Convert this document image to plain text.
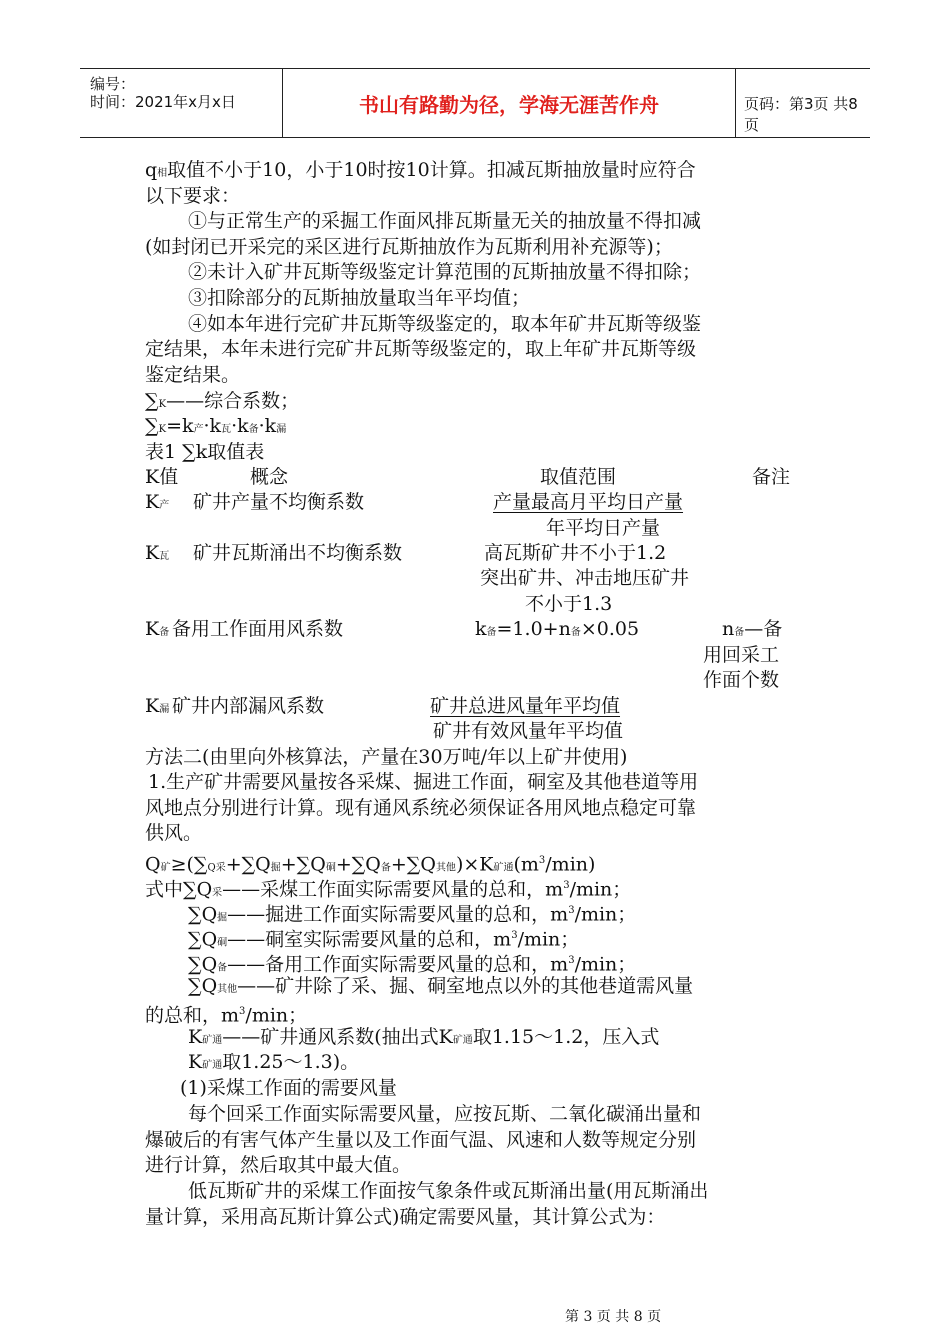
编号：
时间：2021年x月x日	书山有路勤为径，学海无涯苦作舟	页码：第3页 共8页
q相取值不小于10，小于10时按10计算。扣减瓦斯抽放量时应符合
以下要求：
①与正常生产的采掘工作面风排瓦斯量无关的抽放量不得扣减
(如封闭已开采完的采区进行瓦斯抽放作为瓦斯利用补充源等)；
②未计入矿井瓦斯等级鉴定计算范围的瓦斯抽放量不得扣除；
③扣除部分的瓦斯抽放量取当年平均值；
④如本年进行完矿井瓦斯等级鉴定的，取本年矿井瓦斯等级鉴
定结果，本年未进行完矿井瓦斯等级鉴定的，取上年矿井瓦斯等级
鉴定结果。
∑K——综合系数；
∑K=k产·k瓦·k备·k漏
表1 ∑k取值表
K值	概念	取值范围	备注
K产 矿井产量不均衡系数	产量最高月平均日产量
年平均日产量
K瓦 矿井瓦斯涌出不均衡系数	高瓦斯矿井不小于1.2
突出矿井、冲击地压矿井
不小于1.3
K备 备用工作面用风系数	k备=1.0+n备×0.05	n备—备
用回采工
作面个数
K漏 矿井内部漏风系数	矿井总进风量年平均值
矿井有效风量年平均值
方法二(由里向外核算法，产量在30万吨/年以上矿井使用)
1.生产矿井需要风量按各采煤、掘进工作面，硐室及其他巷道等用
风地点分别进行计算。现有通风系统必须保证各用风地点稳定可靠
供风。
Q矿≥(∑Q采+∑Q掘+∑Q硐+∑Q备+∑Q其他)×K矿通$(m^3/\min)$
式中∑Q采——采煤工作面实际需要风量的总和，$m^3/\min$；
∑Q掘——掘进工作面实际需要风量的总和，$m^3/\min$；
∑Q硐——硐室实际需要风量的总和，$m^3/\min$；
∑Q备——备用工作面实际需要风量的总和，$m^3/\min$；
∑Q其他——矿井除了采、掘、硐室地点以外的其他巷道需风量
的总和，$m^3/\min$；
K矿通——矿井通风系数(抽出式K矿通取1.15～1.2，压入式
K矿通取1.25～1.3)。
(1)采煤工作面的需要风量
每个回采工作面实际需要风量，应按瓦斯、二氧化碳涌出量和
爆破后的有害气体产生量以及工作面气温、风速和人数等规定分别
进行计算，然后取其中最大值。
低瓦斯矿井的采煤工作面按气象条件或瓦斯涌出量(用瓦斯涌出
量计算，采用高瓦斯计算公式)确定需要风量，其计算公式为：
第 3 页 共 8 页
